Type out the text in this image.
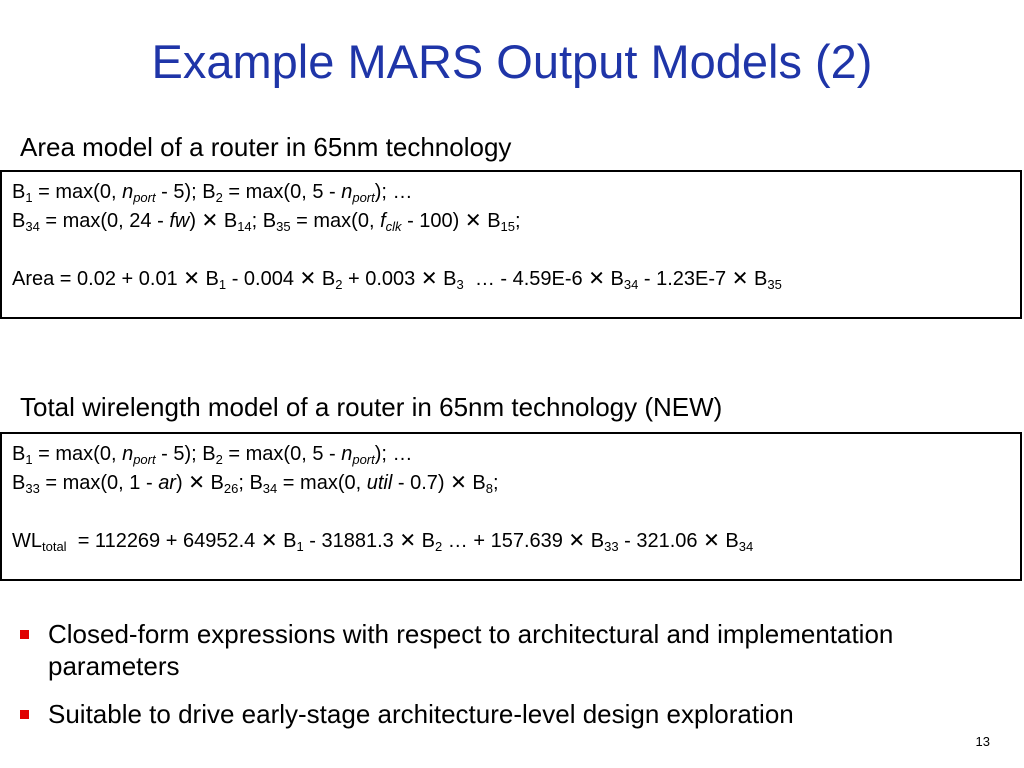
Example MARS Output Models (2)
Area model of a router in 65nm technology
$B_1 = \max(0$, $n_{port} - 5$); $B_2 = \max(0$, $5 - n_{port}$); …
$B_{34} = \max(0$, 24 - fw) ✕ $B_{14}$; $B_{35} = \max(0$, $f_{clk} - 100$) ✕ $B_{15}$;
Area = 0.02 + 0.01 ✕ $B_1 - 0.004$ ✕ $B_2 + 0.003$ ✕ $B_3$  … - 4.59E-6 ✕ $B_{34} - 1.23E-7$ ✕ $B_{35}$
Total wirelength model of a router in 65nm technology (NEW)
$B_1 = \max(0$, $n_{port} - 5$); $B_2 = \max(0$, $5 - n_{port}$); …
$B_{33} = \max(0$, 1 - ar) ✕ $B_{26}$; $B_{34} = \max(0$, util - 0.7) ✕ $B_8$;
$WL_{total} = 112269 + 64952.4$ ✕ $B_1 - 31881.3$ ✕ $B_2$ … + 157.639 ✕ $B_{33} - 321.06$ ✕ $B_{34}$
Closed-form expressions with respect to architectural and implementation parameters
Suitable to drive early-stage architecture-level design exploration
13
